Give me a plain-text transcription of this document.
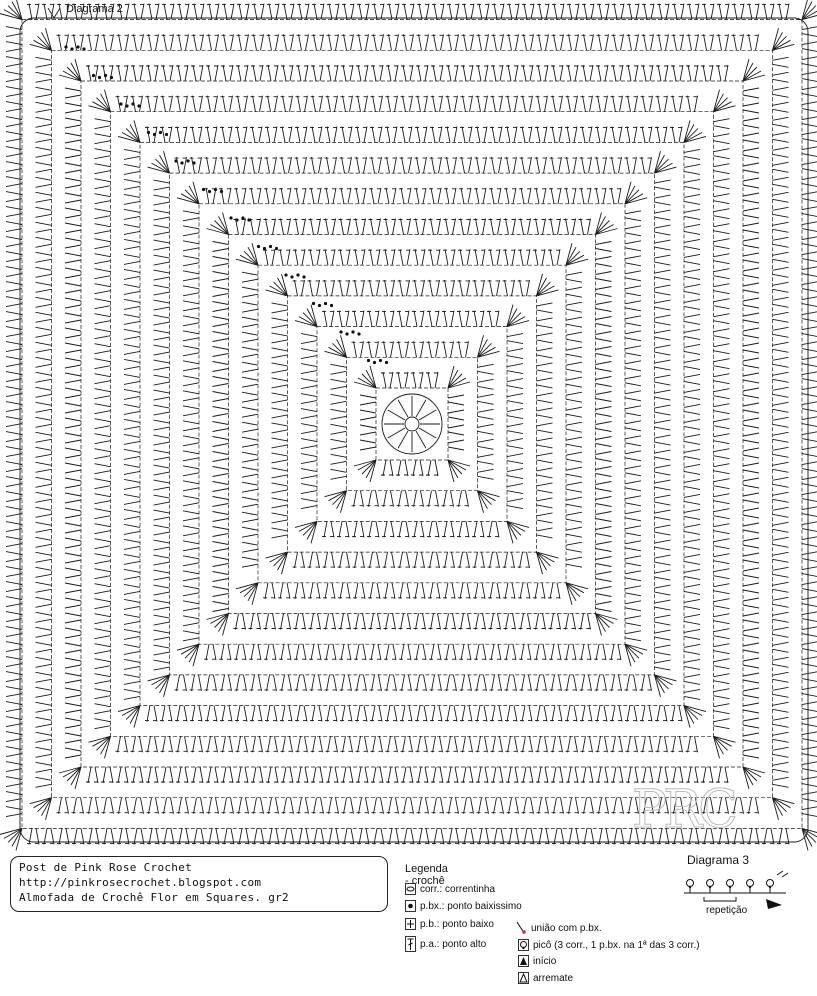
Diagrama 2
PRC
Post de Pink Rose Crochet
http://pinkrosecrochet.blogspot.com
Almofada de Crochê Flor em Squares. gr2
Legenda - crochê
corr.: correntinha
p.bx.: ponto baixissimo
p.b.: ponto baixo
p.a.: ponto alto
união com p.bx.
picô (3 corr., 1 p.bx. na 1ª das 3 corr.)
início
arremate
Diagrama 3
repetição
